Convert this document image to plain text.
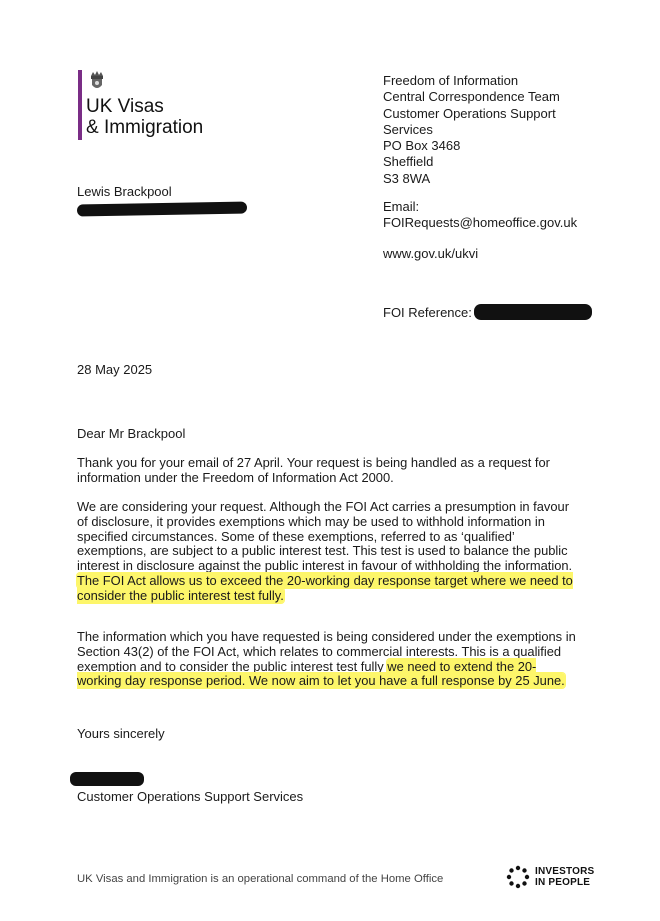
UK Visas
& Immigration
Freedom of Information
Central Correspondence Team
Customer Operations Support
Services
PO Box 3468
Sheffield
S3 8WA
Lewis Brackpool
Email:
FOIRequests@homeoffice.gov.uk
www.gov.uk/ukvi
FOI Reference:
28 May 2025
Dear Mr Brackpool
Thank you for your email of 27 April. Your request is being handled as a request for information under the Freedom of Information Act 2000.
We are considering your request. Although the FOI Act carries a presumption in favour of disclosure, it provides exemptions which may be used to withhold information in specified circumstances. Some of these exemptions, referred to as ‘qualified’ exemptions, are subject to a public interest test. This test is used to balance the public interest in disclosure against the public interest in favour of withholding the information. The FOI Act allows us to exceed the 20-working day response target where we need to consider the public interest test fully.
The information which you have requested is being considered under the exemptions in Section 43(2) of the FOI Act, which relates to commercial interests. This is a qualified exemption and to consider the public interest test fully we need to extend the 20-working day response period. We now aim to let you have a full response by 25 June.
Yours sincerely
Customer Operations Support Services
UK Visas and Immigration is an operational command of the Home Office
INVESTORS
IN PEOPLE
